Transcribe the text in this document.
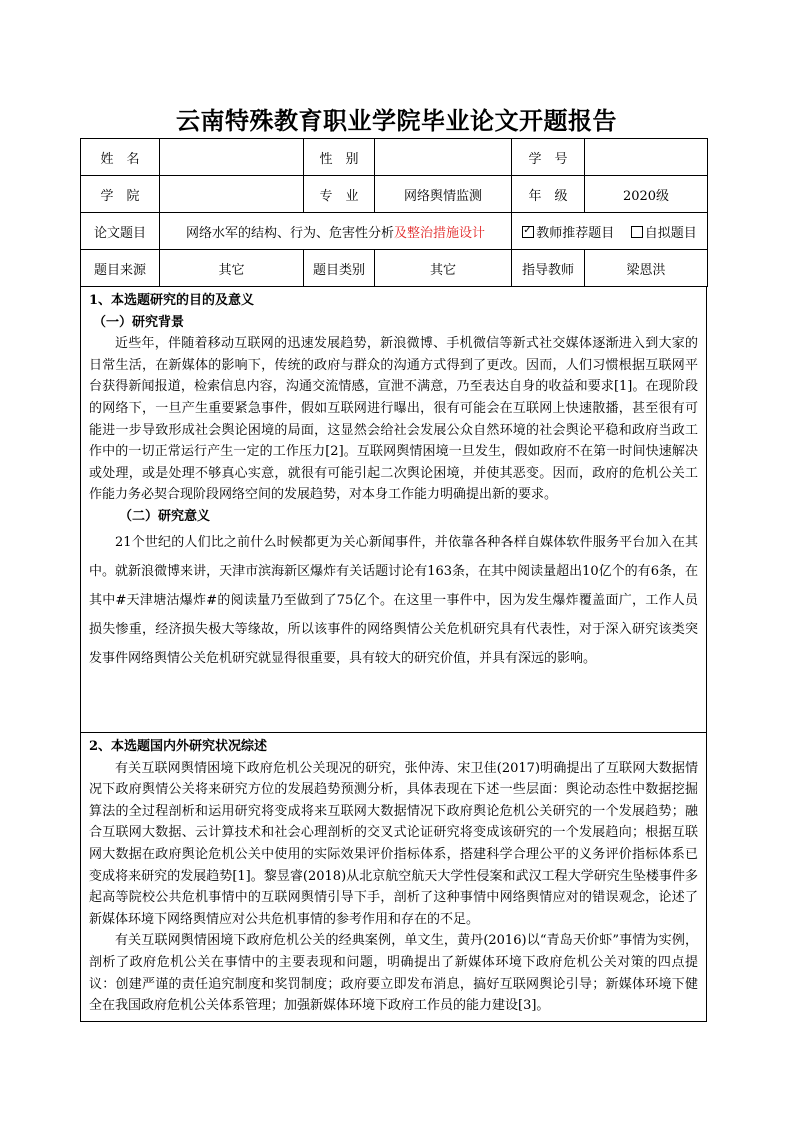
云南特殊教育职业学院毕业论文开题报告
姓　名		性　别		学　号	
学　院		专　业	网络舆情监测	年　级	2020级
论文题目	网络水军的结构、行为、危害性分析及整治措施设计	✓教师推荐题目 自拟题目
题目来源	其它	题目类别	其它	指导教师	梁恩洪

1、本选题研究的目的及意义

（一）研究背景

近些年，伴随着移动互联网的迅速发展趋势，新浪微博、手机微信等新式社交媒体逐渐进入到大家的日常生活，在新媒体的影响下，传统的政府与群众的沟通方式得到了更改。因而，人们习惯根据互联网平台获得新闻报道，检索信息内容，沟通交流情感，宣泄不满意，乃至表达自身的收益和要求[1]。在现阶段的网络下，一旦产生重要紧急事件，假如互联网进行曝出，很有可能会在互联网上快速散播，甚至很有可能进一步导致形成社会舆论困境的局面，这显然会给社会发展公众自然环境的社会舆论平稳和政府当政工作中的一切正常运行产生一定的工作压力[2]。互联网舆情困境一旦发生，假如政府不在第一时间快速解决或处理，或是处理不够真心实意，就很有可能引起二次舆论困境，并使其恶变。因而，政府的危机公关工作能力务必契合现阶段网络空间的发展趋势，对本身工作能力明确提出新的要求。

（二）研究意义

21个世纪的人们比之前什么时候都更为关心新闻事件，并依靠各种各样自媒体软件服务平台加入在其中。就新浪微博来讲，天津市滨海新区爆炸有关话题讨论有163条，在其中阅读量超出10亿个的有6条，在其中#天津塘沽爆炸#的阅读量乃至做到了75亿个。在这里一事件中，因为发生爆炸覆盖面广，工作人员损失惨重，经济损失极大等缘故，所以该事件的网络舆情公关危机研究具有代表性，对于深入研究该类突发事件网络舆情公关危机研究就显得很重要，具有较大的研究价值，并具有深远的影响。

2、本选题国内外研究状况综述

有关互联网舆情困境下政府危机公关现况的研究，张仲涛、宋卫佳(2017)明确提出了互联网大数据情况下政府舆情公关将来研究方位的发展趋势预测分析，具体表现在下述一些层面：舆论动态性中数据挖掘算法的全过程剖析和运用研究将变成将来互联网大数据情况下政府舆论危机公关研究的一个发展趋势；融合互联网大数据、云计算技术和社会心理剖析的交叉式论证研究将变成该研究的一个发展趋向；根据互联网大数据在政府舆论危机公关中使用的实际效果评价指标体系，搭建科学合理公平的义务评价指标体系已变成将来研究的发展趋势[1]。黎昱睿(2018)从北京航空航天大学性侵案和武汉工程大学研究生坠楼事件多起高等院校公共危机事情中的互联网舆情引导下手，剖析了这种事情中网络舆情应对的错误观念，论述了新媒体环境下网络舆情应对公共危机事情的参考作用和存在的不足。

有关互联网舆情困境下政府危机公关的经典案例，单文生，黄丹(2016)以“青岛天价虾”事情为实例，剖析了政府危机公关在事情中的主要表现和问题，明确提出了新媒体环境下政府危机公关对策的四点提议：创建严谨的责任追究制度和奖罚制度；政府要立即发布消息，搞好互联网舆论引导；新媒体环境下健全在我国政府危机公关体系管理；加强新媒体环境下政府工作员的能力建设[3]。
